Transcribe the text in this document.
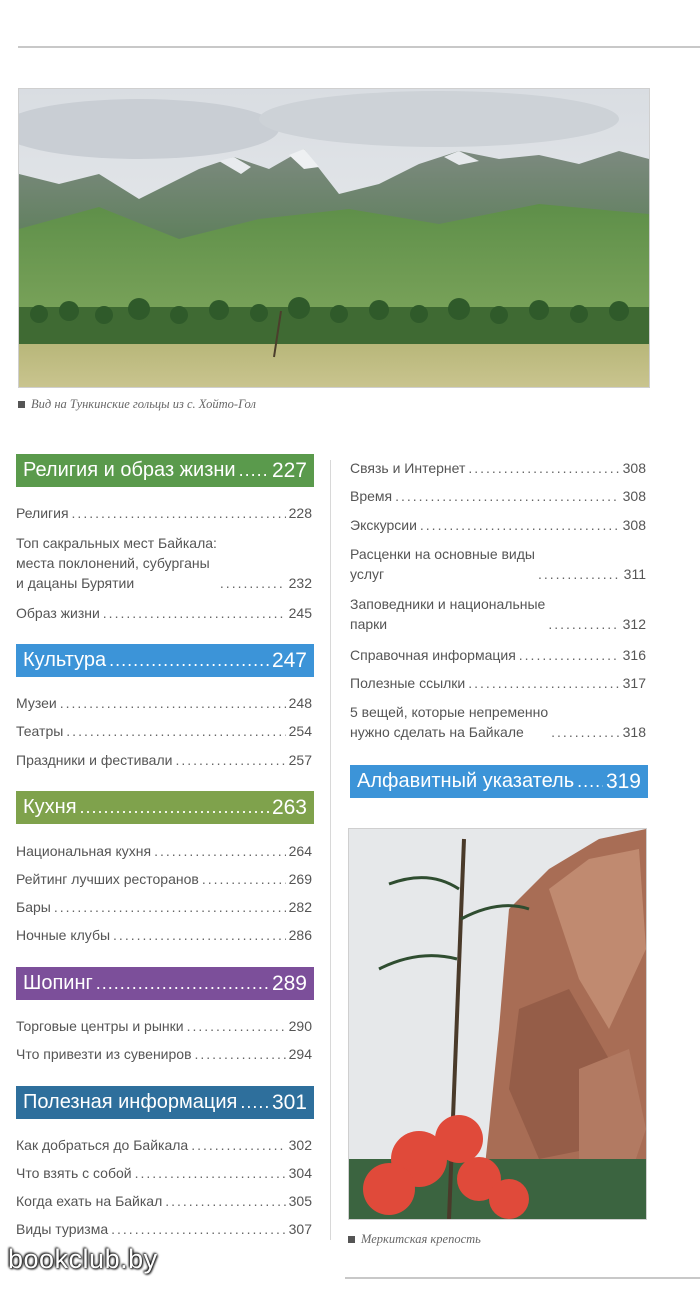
Вид на Тункинские гольцы из с. Хойто-Гол
Религия и образ жизни ..... 227
Религия .....	228
Топ сакральных мест Байкала:
места поклонений, субурганы
и дацаны Бурятии .....	232
Образ жизни .....	245
Культура .....	247
Музеи .....	248
Театры .....	254
Праздники и фестивали .....	257
Кухня .....	263
Национальная кухня .....	264
Рейтинг лучших ресторанов .....	269
Бары .....	282
Ночные клубы .....	286
Шопинг .....	289
Торговые центры и рынки .....	290
Что привезти из сувениров .....	294
Полезная информация ..... 301
Как добраться до Байкала .....	302
Что взять с собой .....	304
Когда ехать на Байкал .....	305
Виды туризма .....	307
Связь и Интернет .....	308
Время .....	308
Экскурсии .....	308
Расценки на основные виды
услуг .....	311
Заповедники и национальные
парки .....	312
Справочная информация .....	316
Полезные ссылки .....	317
5 вещей, которые непременно
нужно сделать на Байкале .....	318
Алфавитный указатель ..... 319
Меркитская крепость
bookclub.by
